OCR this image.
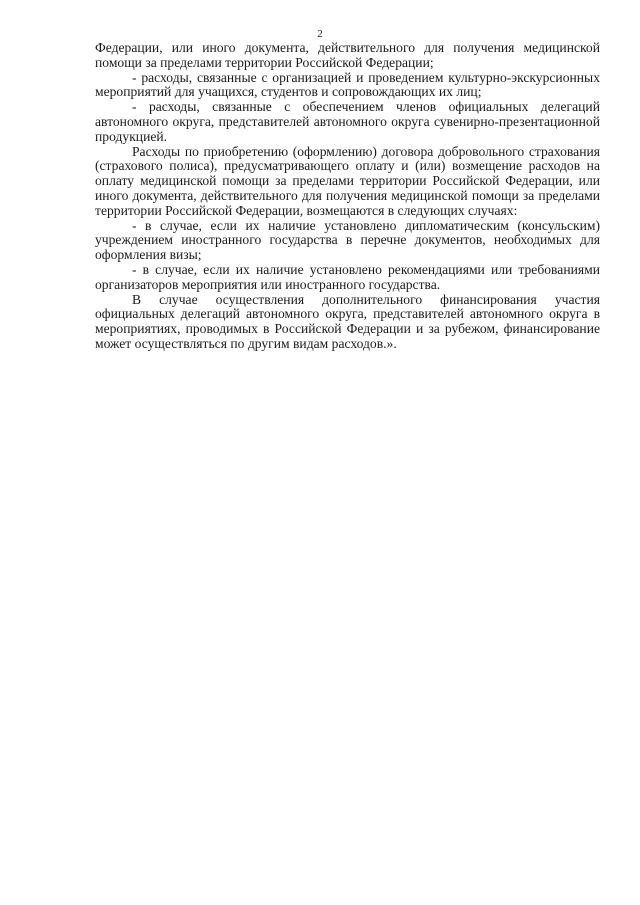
2

Федерации, или иного документа, действительного для получения медицинской помощи за пределами территории Российской Федерации;

- расходы, связанные с организацией и проведением культурно-экскурсионных мероприятий для учащихся, студентов и сопровождающих их лиц;

- расходы, связанные с обеспечением членов официальных делегаций автономного округа, представителей автономного округа сувенирно-презентационной продукцией.

Расходы по приобретению (оформлению) договора добровольного страхования (страхового полиса), предусматривающего оплату и (или) возмещение расходов на оплату медицинской помощи за пределами территории Российской Федерации, или иного документа, действительного для получения медицинской помощи за пределами территории Российской Федерации, возмещаются в следующих случаях:

- в случае, если их наличие установлено дипломатическим (консульским) учреждением иностранного государства в перечне документов, необходимых для оформления визы;

- в случае, если их наличие установлено рекомендациями или требованиями организаторов мероприятия или иностранного государства.

В случае осуществления дополнительного финансирования участия официальных делегаций автономного округа, представителей автономного округа в мероприятиях, проводимых в Российской Федерации и за рубежом, финансирование может осуществляться по другим видам расходов.».
